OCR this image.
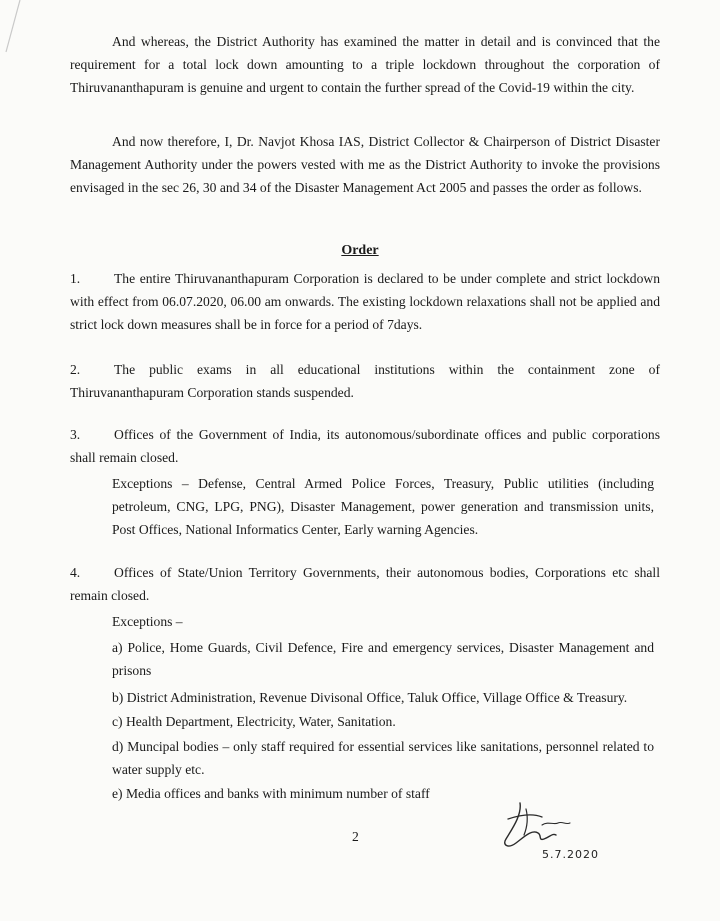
And whereas, the District Authority has examined the matter in detail and is convinced that the requirement for a total lock down amounting to a triple lockdown throughout the corporation of Thiruvananthapuram is genuine and urgent to contain the further spread of the Covid-19 within the city.

And now therefore, I, Dr. Navjot Khosa IAS, District Collector & Chairperson of District Disaster Management Authority under the powers vested with me as the District Authority to invoke the provisions envisaged in the sec 26, 30 and 34 of the Disaster Management Act 2005 and passes the order as follows.

Order

1. The entire Thiruvananthapuram Corporation is declared to be under complete and strict lockdown with effect from 06.07.2020, 06.00 am onwards. The existing lockdown relaxations shall not be applied and strict lock down measures shall be in force for a period of 7days.

2. The public exams in all educational institutions within the containment zone of Thiruvananthapuram Corporation stands suspended.

3. Offices of the Government of India, its autonomous/subordinate offices and public corporations shall remain closed.

Exceptions – Defense, Central Armed Police Forces, Treasury, Public utilities (including petroleum, CNG, LPG, PNG), Disaster Management, power generation and transmission units, Post Offices, National Informatics Center, Early warning Agencies.

4. Offices of State/Union Territory Governments, their autonomous bodies, Corporations etc shall remain closed.

Exceptions –

a) Police, Home Guards, Civil Defence, Fire and emergency services, Disaster Management and prisons

b) District Administration, Revenue Divisonal Office, Taluk Office, Village Office & Treasury.

c) Health Department, Electricity, Water, Sanitation.

d) Muncipal bodies – only staff required for essential services like sanitations, personnel related to water supply etc.

e) Media offices and banks with minimum number of staff

2
5.7.2020
